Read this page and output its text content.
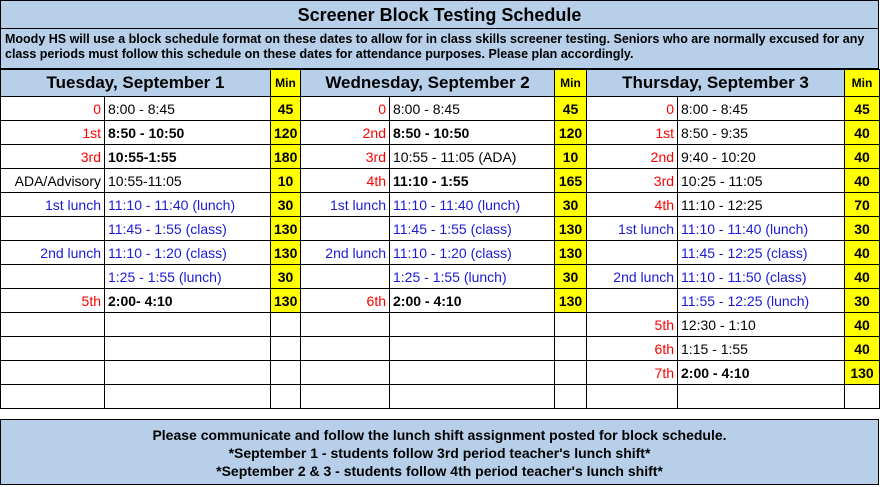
Screener Block Testing Schedule
Moody HS will use a block schedule format on these dates to allow for in class skills screener testing. Seniors who are normally excused for any class periods must follow this schedule on these dates for attendance purposes. Please plan accordingly.
Tuesday, September 1		Min	Wednesday, September 2		Min	Thursday, September 3		Min
0	8:00 - 8:45	45	0	8:00 - 8:45	45	0	8:00 - 8:45	45
1st	8:50 - 10:50	120	2nd	8:50 - 10:50	120	1st	8:50 - 9:35	40
3rd	10:55-1:55	180	3rd	10:55 - 11:05 (ADA)	10	2nd	9:40 - 10:20	40
ADA/Advisory	10:55-11:05	10	4th	11:10 - 1:55	165	3rd	10:25 - 11:05	40
1st lunch	11:10 - 11:40 (lunch)	30	1st lunch	11:10 - 11:40 (lunch)	30	4th	11:10 - 12:25	70
	11:45 - 1:55 (class)	130		11:45 - 1:55 (class)	130	1st lunch	11:10 - 11:40 (lunch)	30
2nd lunch	11:10 - 1:20 (class)	130	2nd lunch	11:10 - 1:20 (class)	130		11:45 - 12:25 (class)	40
	1:25 - 1:55 (lunch)	30		1:25 - 1:55 (lunch)	30	2nd lunch	11:10 - 11:50 (class)	40
5th	2:00- 4:10	130	6th	2:00 - 4:10	130		11:55 - 12:25 (lunch)	30
						5th	12:30 - 1:10	40
						6th	1:15 - 1:55	40
						7th	2:00 - 4:10	130

Please communicate and follow the lunch shift assignment posted for block schedule.
*September 1 - students follow 3rd period teacher's lunch shift*
*September 2 & 3 - students follow 4th period teacher's lunch shift*
